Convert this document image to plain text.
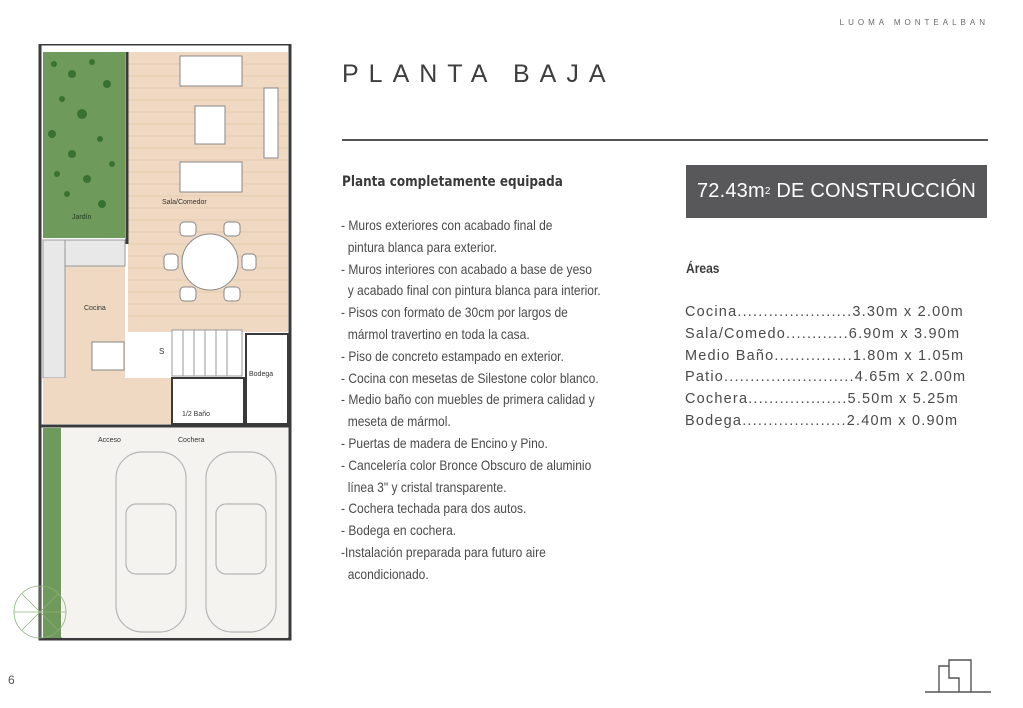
LUOMA MONTEALBAN
6
Jardín
Sala/Comedor
Cocina
S
1/2 Baño
Bodega
Acceso	Cochera
PLANTA BAJA
Planta completamente equipada
- Muros exteriores con acabado final de
pintura blanca para exterior.
- Muros interiores con acabado a base de yeso
y acabado final con pintura blanca para interior.
- Pisos con formato de 30cm por largos de
mármol travertino en toda la casa.
- Piso de concreto estampado en exterior.
- Cocina con mesetas de Silestone color blanco.
- Medio baño con muebles de primera calidad y
meseta de mármol.
- Puertas de madera de Encino y Pino.
- Cancelería color Bronce Obscuro de aluminio
línea 3" y cristal transparente.
- Cochera techada para dos autos.
- Bodega en cochera.
-Instalación preparada para futuro aire
acondicionado.
72.43m 2
DE CONSTRUCCIÓN
Áreas
Cocina......................3.30m x 2.00m
Sala/Comedo............6.90m x 3.90m
Medio Baño...............1.80m x 1.05m
Patio.........................4.65m x 2.00m
Cochera...................5.50m x 5.25m
Bodega....................2.40m x 0.90m
